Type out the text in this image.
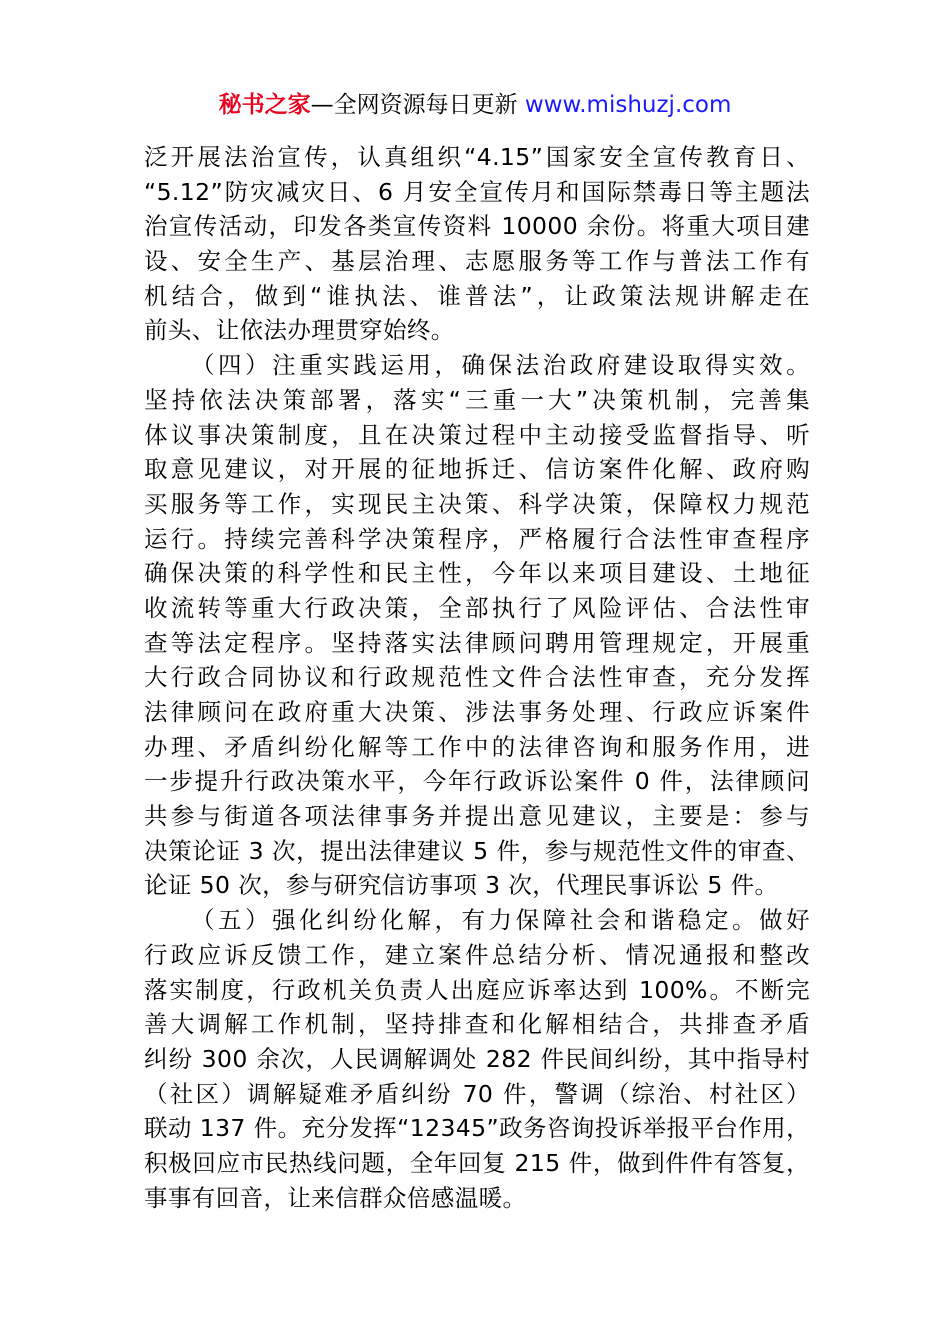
秘书之家—全网资源每日更新 www.mishuzj.com
泛开展法治宣传，认真组织“4.15”国家安全宣传教育日、
“5.12”防灾减灾日、6 月安全宣传月和国际禁毒日等主题法
治宣传活动，印发各类宣传资料 10000 余份。将重大项目建
设、安全生产、基层治理、志愿服务等工作与普法工作有
机结合，做到“谁执法、谁普法”，让政策法规讲解走在
前头、让依法办理贯穿始终。
（四）注重实践运用，确保法治政府建设取得实效。
坚持依法决策部署，落实“三重一大”决策机制，完善集
体议事决策制度，且在决策过程中主动接受监督指导、听
取意见建议，对开展的征地拆迁、信访案件化解、政府购
买服务等工作，实现民主决策、科学决策，保障权力规范
运行。持续完善科学决策程序，严格履行合法性审查程序
确保决策的科学性和民主性，今年以来项目建设、土地征
收流转等重大行政决策，全部执行了风险评估、合法性审
查等法定程序。坚持落实法律顾问聘用管理规定，开展重
大行政合同协议和行政规范性文件合法性审查，充分发挥
法律顾问在政府重大决策、涉法事务处理、行政应诉案件
办理、矛盾纠纷化解等工作中的法律咨询和服务作用，进
一步提升行政决策水平，今年行政诉讼案件 0 件，法律顾问
共参与街道各项法律事务并提出意见建议，主要是：参与
决策论证 3 次，提出法律建议 5 件，参与规范性文件的审查、
论证 50 次，参与研究信访事项 3 次，代理民事诉讼 5 件。
（五）强化纠纷化解，有力保障社会和谐稳定。做好
行政应诉反馈工作，建立案件总结分析、情况通报和整改
落实制度，行政机关负责人出庭应诉率达到 100%。不断完
善大调解工作机制，坚持排查和化解相结合，共排查矛盾
纠纷 300 余次，人民调解调处 282 件民间纠纷，其中指导村
（社区）调解疑难矛盾纠纷 70 件，警调（综治、村社区）
联动 137 件。充分发挥“12345”政务咨询投诉举报平台作用，
积极回应市民热线问题，全年回复 215 件，做到件件有答复，
事事有回音，让来信群众倍感温暖。
